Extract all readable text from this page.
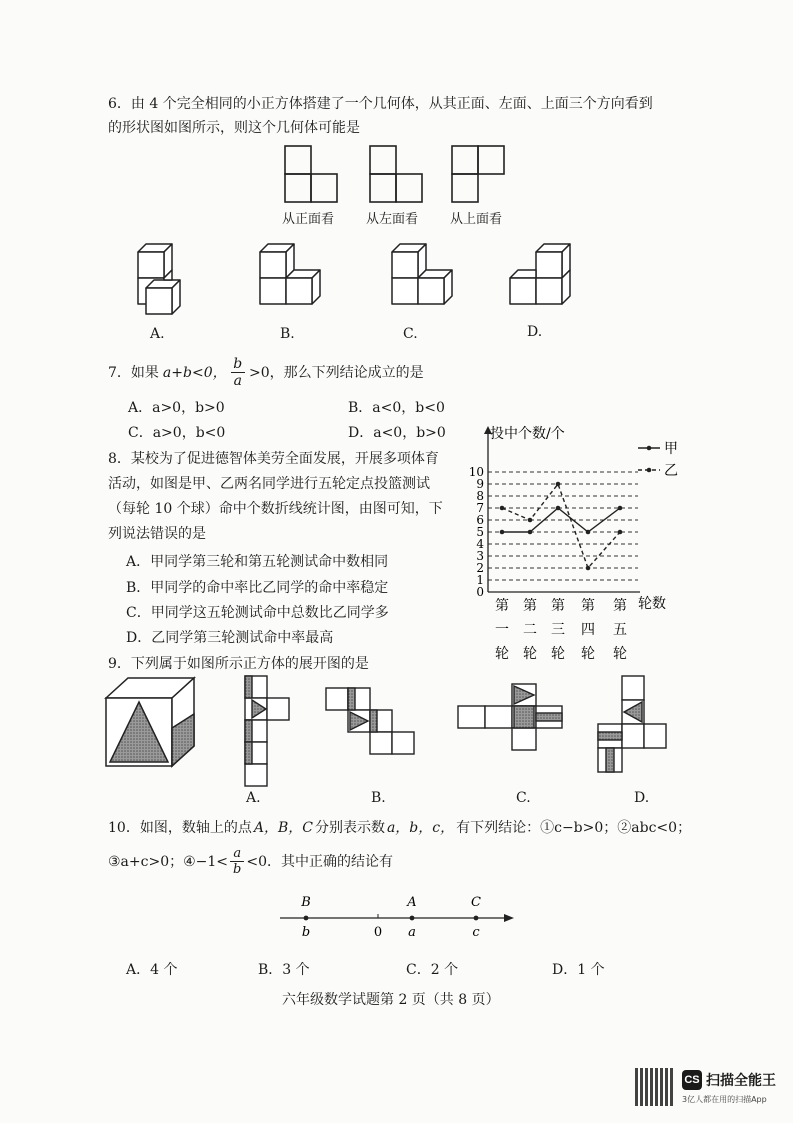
6．由 4 个完全相同的小正方体搭建了一个几何体，从其正面、左面、上面三个方向看到
的形状图如图所示，则这个几何体可能是
从正面看 从左面看 从上面看
A.	B.	C.	D.
7．如果 a+b<0， $\frac{b}{a} >0$，那么下列结论成立的是
A．a>0，b>0	B．a<0，b<0
C．a>0，b<0	D．a<0，b>0
8．某校为了促进德智体美劳全面发展，开展多项体育
活动，如图是甲、乙两名同学进行五轮定点投篮测试
（每轮 10 个球）命中个数折线统计图，由图可知，下
列说法错误的是
A．甲同学第三轮和第五轮测试命中数相同
B．甲同学的命中率比乙同学的命中率稳定
C．甲同学这五轮测试命中总数比乙同学多
D．乙同学第三轮测试命中率最高
投中个数/个
轮数
0
1
2
3
4
5
6
7
8
9
10
第
一
轮
第
二
轮
第
三
轮
第
四
轮
第
五
轮
甲
乙
9．下列属于如图所示正方体的展开图的是
A.	B.	C.	D.
10．如图，数轴上的点 A，B，C 分别表示数 a，b，c， 有下列结论：①c−b>0；②abc<0；
③a+c>0；④−1< $\frac{a}{b} <0$．其中正确的结论有
B
b	0
A
a
C
c
A．4 个	B．3 个	C．2 个	D．1 个
六年级数学试题第 2 页（共 8 页）
CS 扫描全能王
3亿人都在用的扫描App
